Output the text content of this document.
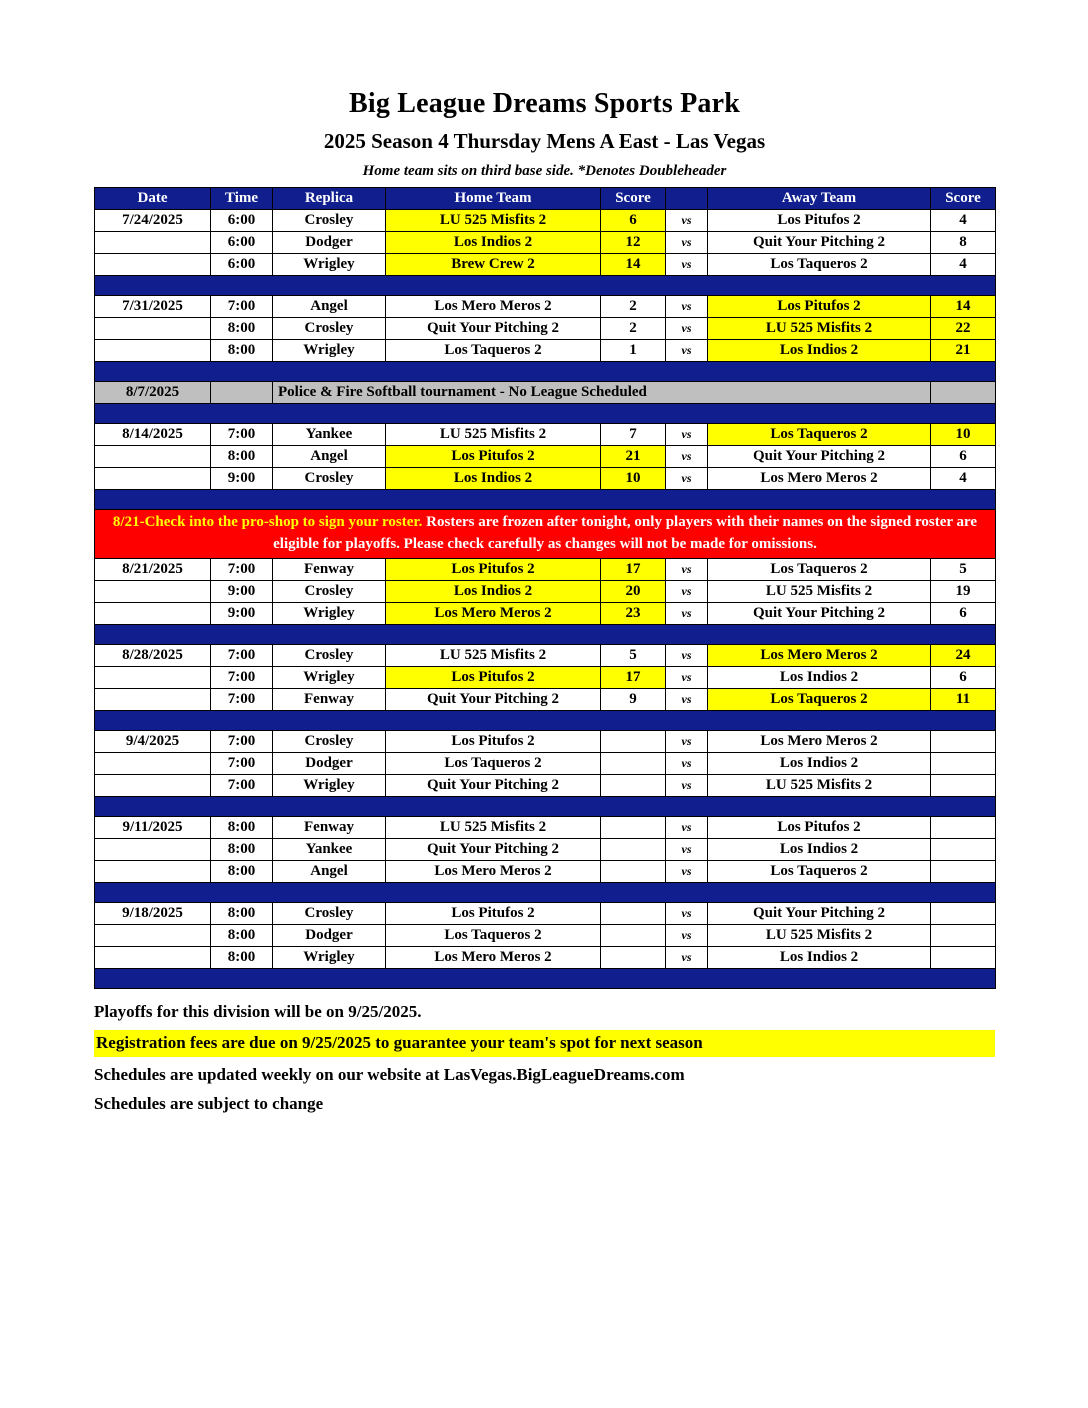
Big League Dreams Sports Park
2025 Season 4 Thursday Mens A East - Las Vegas

Home team sits on third base side. *Denotes Doubleheader

Date	Time	Replica	Home Team	Score		Away Team	Score
7/24/2025	6:00	Crosley	LU 525 Misfits 2	6	vs	Los Pitufos 2	4
	6:00	Dodger	Los Indios 2	12	vs	Quit Your Pitching 2	8
	6:00	Wrigley	Brew Crew 2	14	vs	Los Taqueros 2	4

7/31/2025	7:00	Angel	Los Mero Meros 2	2	vs	Los Pitufos 2	14
	8:00	Crosley	Quit Your Pitching 2	2	vs	LU 525 Misfits 2	22
	8:00	Wrigley	Los Taqueros 2	1	vs	Los Indios 2	21

8/7/2025		Police & Fire Softball tournament - No League Scheduled					

8/14/2025	7:00	Yankee	LU 525 Misfits 2	7	vs	Los Taqueros 2	10
	8:00	Angel	Los Pitufos 2	21	vs	Quit Your Pitching 2	6
	9:00	Crosley	Los Indios 2	10	vs	Los Mero Meros 2	4

8/21-Check into the pro-shop to sign your roster. Rosters are frozen after tonight, only players with their names on the signed roster are eligible for playoffs. Please check carefully as changes will not be made for omissions.							
8/21/2025	7:00	Fenway	Los Pitufos 2	17	vs	Los Taqueros 2	5
	9:00	Crosley	Los Indios 2	20	vs	LU 525 Misfits 2	19
	9:00	Wrigley	Los Mero Meros 2	23	vs	Quit Your Pitching 2	6

8/28/2025	7:00	Crosley	LU 525 Misfits 2	5	vs	Los Mero Meros 2	24
	7:00	Wrigley	Los Pitufos 2	17	vs	Los Indios 2	6
	7:00	Fenway	Quit Your Pitching 2	9	vs	Los Taqueros 2	11

9/4/2025	7:00	Crosley	Los Pitufos 2		vs	Los Mero Meros 2	
	7:00	Dodger	Los Taqueros 2		vs	Los Indios 2	
	7:00	Wrigley	Quit Your Pitching 2		vs	LU 525 Misfits 2	

9/11/2025	8:00	Fenway	LU 525 Misfits 2		vs	Los Pitufos 2	
	8:00	Yankee	Quit Your Pitching 2		vs	Los Indios 2	
	8:00	Angel	Los Mero Meros 2		vs	Los Taqueros 2	

9/18/2025	8:00	Crosley	Los Pitufos 2		vs	Quit Your Pitching 2	
	8:00	Dodger	Los Taqueros 2		vs	LU 525 Misfits 2	
	8:00	Wrigley	Los Mero Meros 2		vs	Los Indios 2	

Playoffs for this division will be on 9/25/2025.

Registration fees are due on 9/25/2025 to guarantee your team's spot for next season

Schedules are updated weekly on our website at LasVegas.BigLeagueDreams.com

Schedules are subject to change
